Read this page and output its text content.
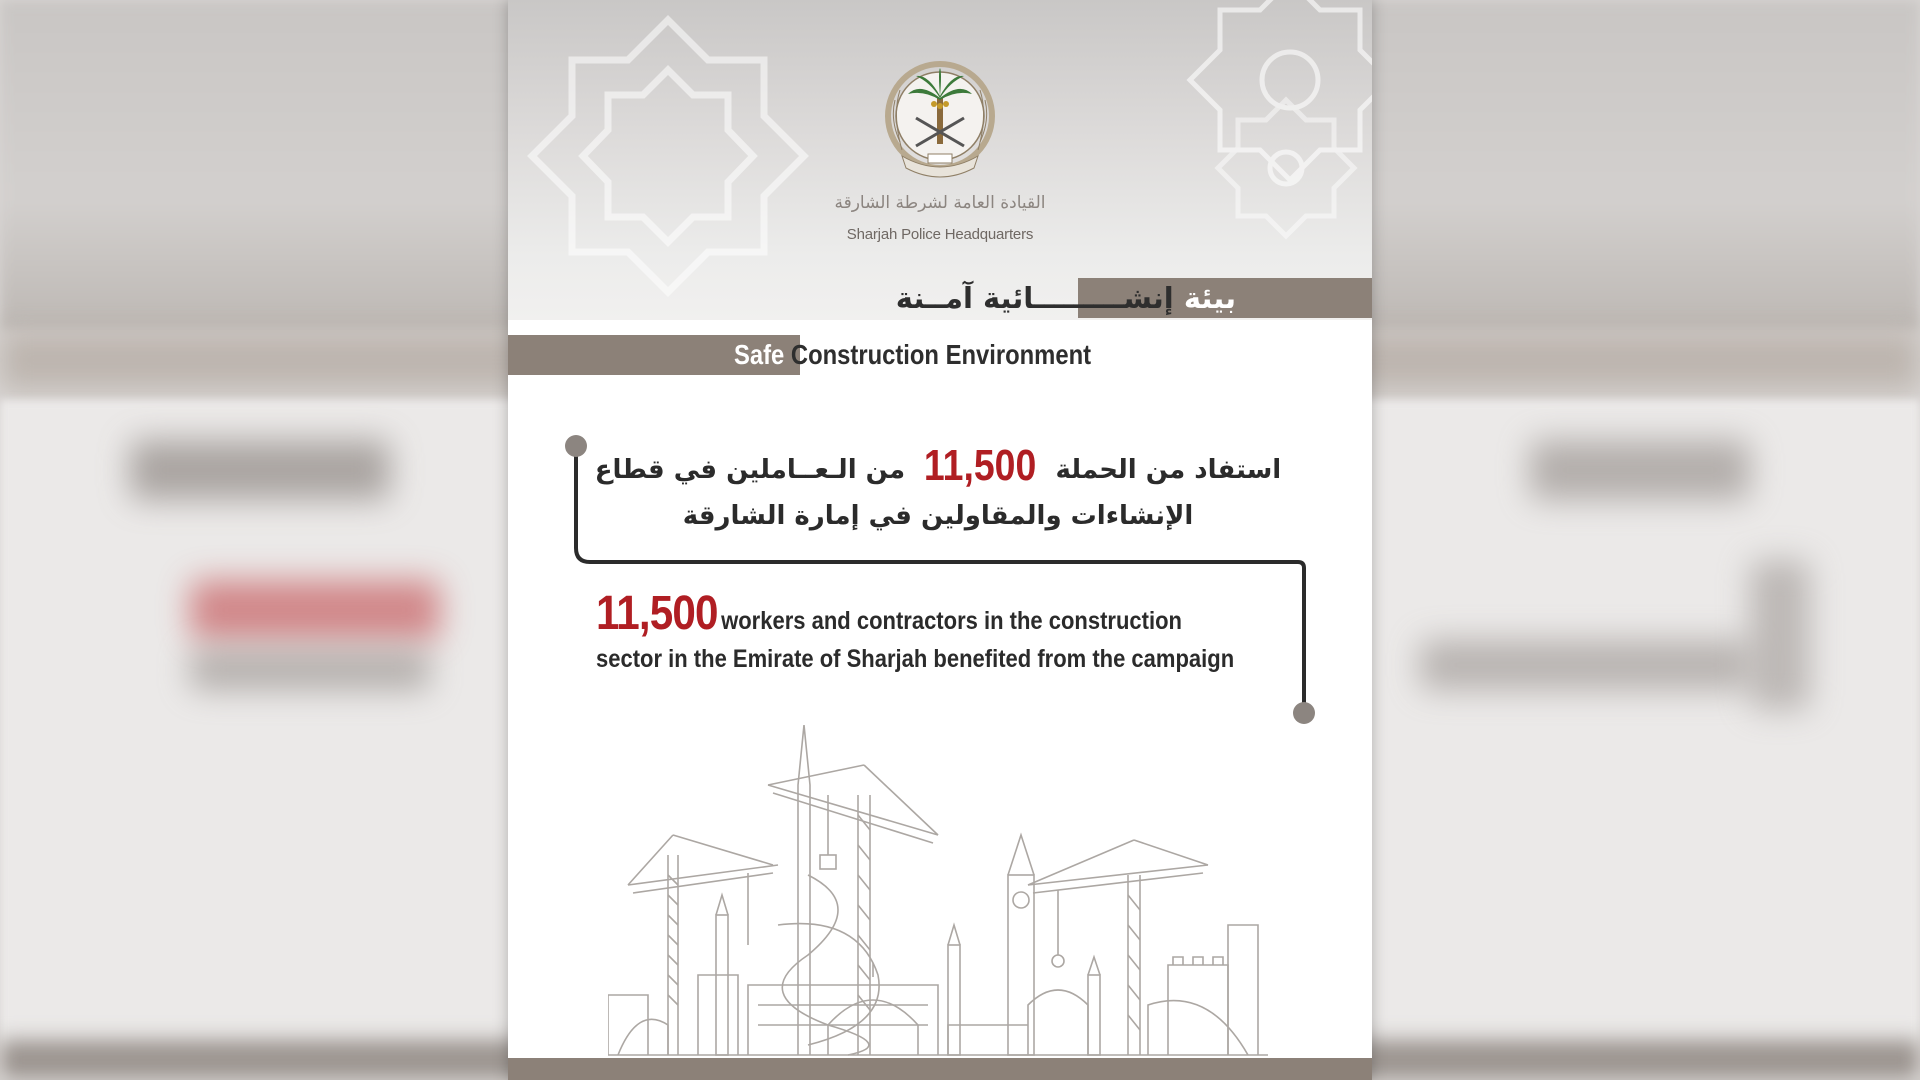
القيادة العامة لشرطة الشارقة
Sharjah Police Headquarters
بيئة إنشـــــــــائية آمــنة
Safe Construction Environment
استفاد من الحملة 11,500 من الـعــاملين في قطاع
الإنشاءات والمقاولين في إمارة الشارقة
11,500 workers and contractors in the construction
sector in the Emirate of Sharjah benefited from the campaign
